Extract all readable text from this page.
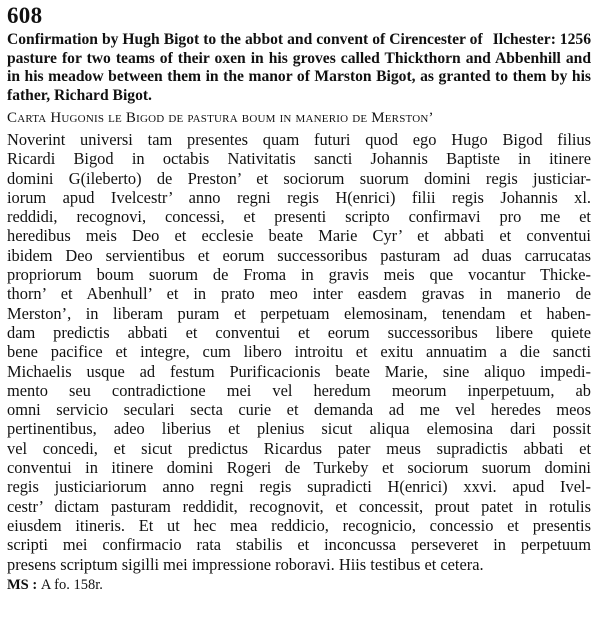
608

Ilchester: 1256
Confirmation by Hugh Bigot to the abbot and convent of Cirencester of pasture for two teams of their oxen in his groves called Thickthorn and Abbenhill and in his meadow between them in the manor of Marston Bigot, as granted to them by his father, Richard Bigot.

Carta Hugonis le Bigod de pastura boum in manerio de Merston’
Noverint universi tam presentes quam futuri quod ego Hugo Bigod filius
Ricardi Bigod in octabis Nativitatis sancti Johannis Baptiste in itinere
domini G(ileberto) de Preston’ et sociorum suorum domini regis justiciar-
iorum apud Ivelcestr’ anno regni regis H(enrici) filii regis Johannis xl.
reddidi, recognovi, concessi, et presenti scripto confirmavi pro me et
heredibus meis Deo et ecclesie beate Marie Cyr’ et abbati et conventui
ibidem Deo servientibus et eorum successoribus pasturam ad duas carrucatas
propriorum boum suorum de Froma in gravis meis que vocantur Thicke-
thorn’ et Abenhull’ et in prato meo inter easdem gravas in manerio de
Merston’, in liberam puram et perpetuam elemosinam, tenendam et haben-
dam predictis abbati et conventui et eorum successoribus libere quiete
bene pacifice et integre, cum libero introitu et exitu annuatim a die sancti
Michaelis usque ad festum Purificacionis beate Marie, sine aliquo impedi-
mento seu contradictione mei vel heredum meorum inperpetuum, ab
omni servicio seculari secta curie et demanda ad me vel heredes meos
pertinentibus, adeo liberius et plenius sicut aliqua elemosina dari possit
vel concedi, et sicut predictus Ricardus pater meus supradictis abbati et
conventui in itinere domini Rogeri de Turkeby et sociorum suorum domini
regis justiciariorum anno regni regis supradicti H(enrici) xxvi. apud Ivel-
cestr’ dictam pasturam reddidit, recognovit, et concessit, prout patet in rotulis
eiusdem itineris. Et ut hec mea reddicio, recognicio, concessio et presentis
scripti mei confirmacio rata stabilis et inconcussa perseveret in perpetuum
presens scriptum sigilli mei impressione roboravi. Hiis testibus et cetera.

MS : A fo. 158r.
